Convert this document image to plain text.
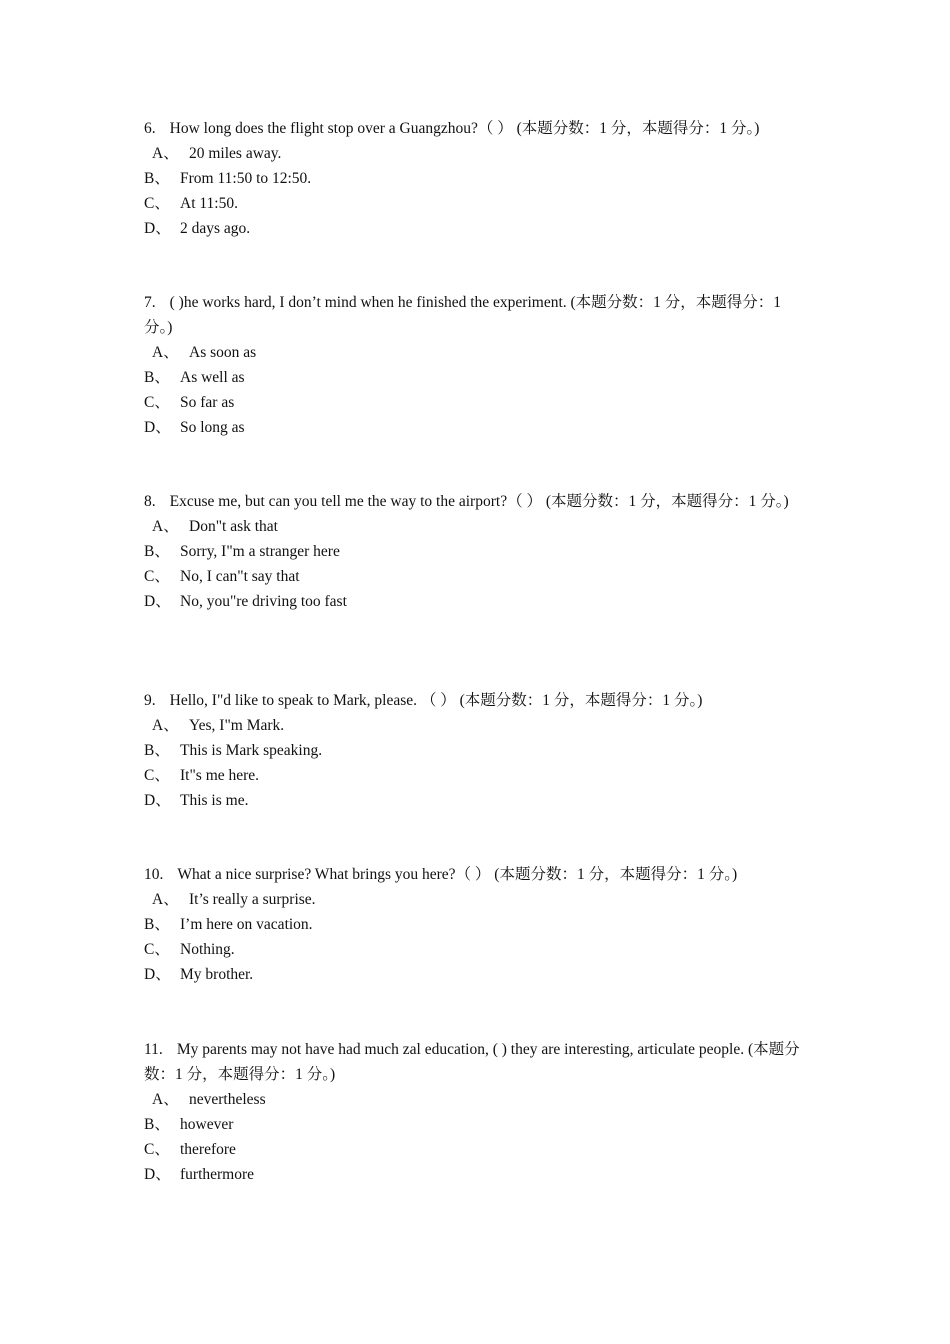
6. How long does the flight stop over a Guangzhou?（ ） (本题分数：1 分，本题得分：1 分。)

A、 20 miles away.
B、 From 11:50 to 12:50.
C、 At 11:50.
D、 2 days ago.

7. ( )he works hard, I don’t mind when he finished the experiment. (本题分数：1 分，本题得分：1 分。)

A、 As soon as
B、 As well as
C、 So far as
D、 So long as

8. Excuse me, but can you tell me the way to the airport?（ ） (本题分数：1 分，本题得分：1 分。)

A、 Don"t ask that
B、 Sorry, I"m a stranger here
C、 No, I can"t say that
D、 No, you"re driving too fast

9. Hello, I"d like to speak to Mark, please. （ ） (本题分数：1 分，本题得分：1 分。)

A、 Yes, I"m Mark.
B、 This is Mark speaking.
C、 It"s me here.
D、 This is me.

10. What a nice surprise? What brings you here?（ ） (本题分数：1 分，本题得分：1 分。)

A、 It’s really a surprise.
B、 I’m here on vacation.
C、 Nothing.
D、 My brother.

11. My parents may not have had much zal education, ( ) they are interesting, articulate people. (本题分数：1 分，本题得分：1 分。)

A、 nevertheless
B、 however
C、 therefore
D、 furthermore
